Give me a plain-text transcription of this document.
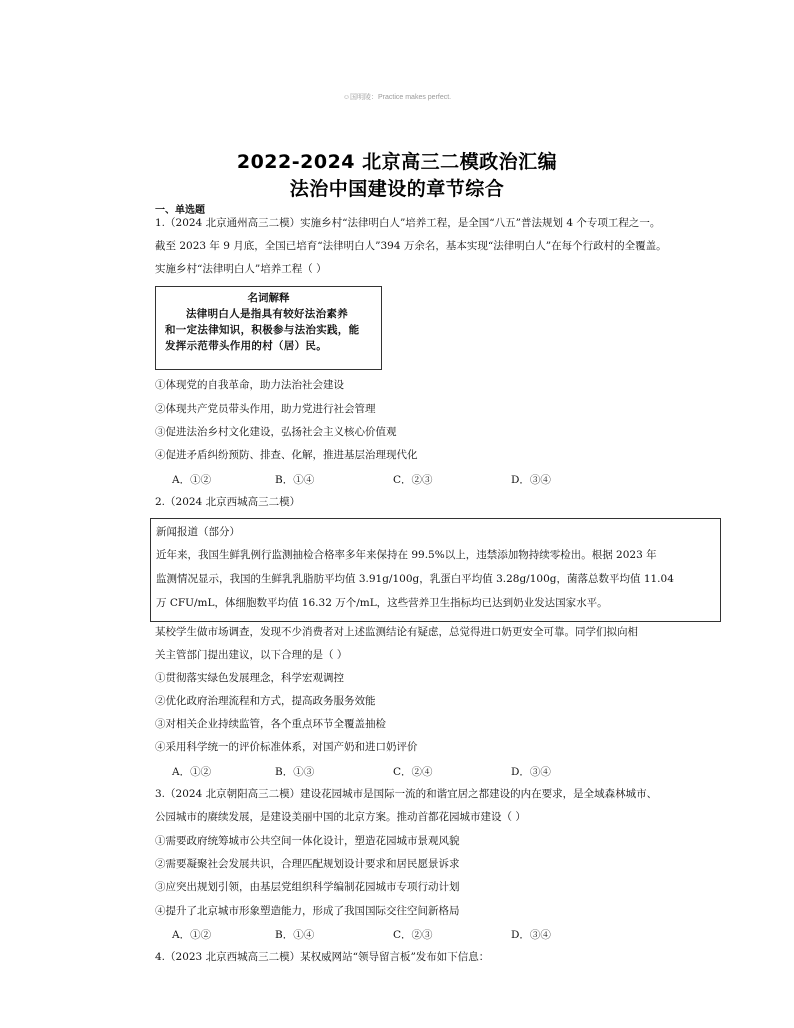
☺国明陵：Practice makes perfect.
2022-2024 北京高三二模政治汇编
法治中国建设的章节综合
一、单选题
1.（2024 北京通州高三二模）实施乡村“法律明白人”培养工程，是全国“八五”普法规划 4 个专项工程之一。
截至 2023 年 9 月底，全国已培育“法律明白人”394 万余名，基本实现“法律明白人”在每个行政村的全覆盖。
实施乡村“法律明白人”培养工程（ ）
名词解释
法律明白人是指具有较好法治素养
和一定法律知识，积极参与法治实践，能
发挥示范带头作用的村（居）民。
①体现党的自我革命，助力法治社会建设
②体现共产党员带头作用，助力党进行社会管理
③促进法治乡村文化建设，弘扬社会主义核心价值观
④促进矛盾纠纷预防、排查、化解，推进基层治理现代化
A．①②	B．①④	C．②③	D．③④
2.（2024 北京西城高三二模）
新闻报道（部分）
近年来，我国生鲜乳例行监测抽检合格率多年来保持在 99.5%以上，违禁添加物持续零检出。根据 2023 年
监测情况显示，我国的生鲜乳乳脂肪平均值 3.91g/100g，乳蛋白平均值 3.28g/100g，菌落总数平均值 11.04
万 CFU/mL，体细胞数平均值 16.32 万个/mL，这些营养卫生指标均已达到奶业发达国家水平。
某校学生做市场调查，发现不少消费者对上述监测结论有疑虑，总觉得进口奶更安全可靠。同学们拟向相
关主管部门提出建议，以下合理的是（ ）
①贯彻落实绿色发展理念，科学宏观调控
②优化政府治理流程和方式，提高政务服务效能
③对相关企业持续监管，各个重点环节全覆盖抽检
④采用科学统一的评价标准体系，对国产奶和进口奶评价
A．①②	B．①③	C．②④	D．③④
3.（2024 北京朝阳高三二模）建设花园城市是国际一流的和谐宜居之都建设的内在要求，是全域森林城市、
公园城市的赓续发展，是建设美丽中国的北京方案。推动首都花园城市建设（ ）
①需要政府统筹城市公共空间一体化设计，塑造花园城市景观风貌
②需要凝聚社会发展共识，合理匹配规划设计要求和居民愿景诉求
③应突出规划引领，由基层党组织科学编制花园城市专项行动计划
④提升了北京城市形象塑造能力，形成了我国国际交往空间新格局
A．①②	B．①④	C．②③	D．③④
4.（2023 北京西城高三二模）某权威网站“领导留言板”发布如下信息：
